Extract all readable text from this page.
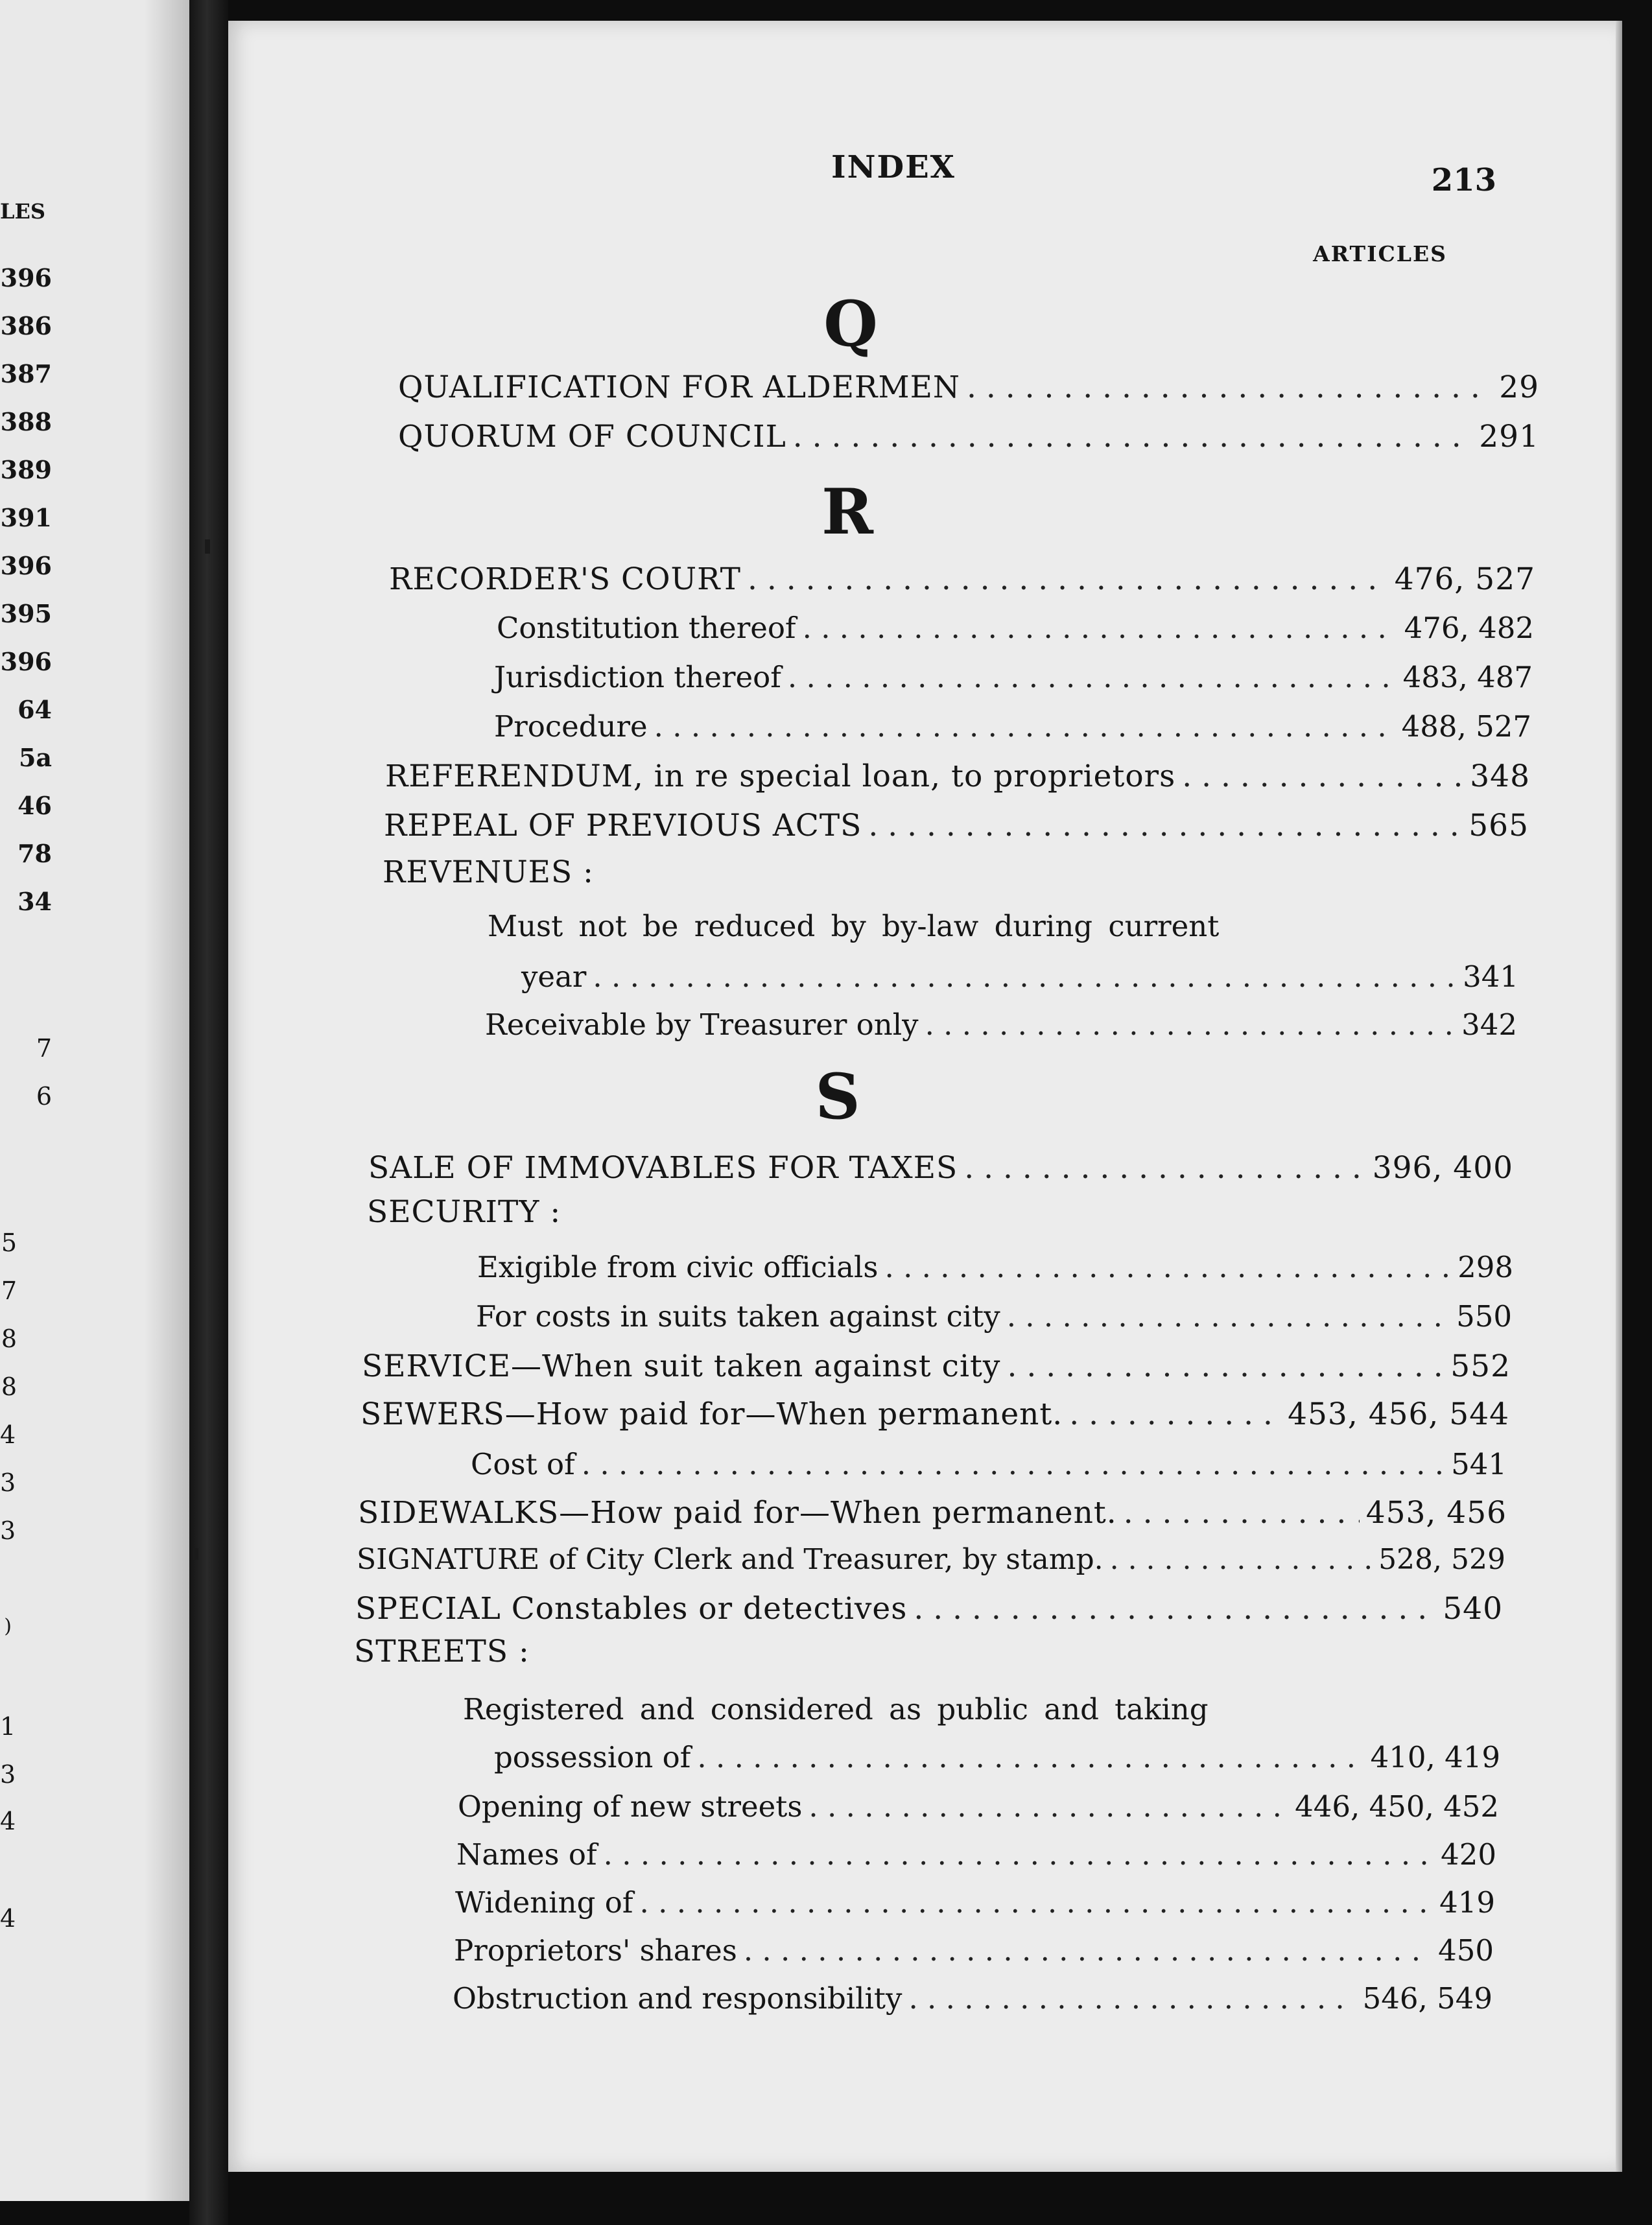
LES
396
386
387
388
389
391
396
395
396
64
5a
46
78
34
7
6
5
7
8
8
4
3
3
)
1
3
4
4
INDEX	213
ARTICLES
Q
QUALIFICATION FOR ALDERMEN . . .	29
QUORUM OF COUNCIL . . .	291
R
RECORDER'S COURT . . .	476, 527
Constitution thereof . . .	476, 482
Jurisdiction thereof . . .	483, 487
Procedure . . .	488, 527
REFERENDUM, in re special loan, to proprietors . . .	348
REPEAL OF PREVIOUS ACTS . . .	565
REVENUES :
Must not be reduced by by-law during current
year . . .	341
Receivable by Treasurer only . . .	342
S
SALE OF IMMOVABLES FOR TAXES . . .	396, 400
SECURITY :
Exigible from civic officials . . .	298
For costs in suits taken against city . . .	550
SERVICE—When suit taken against city . . .	552
SEWERS—How paid for—When permanent. . . .	453, 456, 544
Cost of . . .	541
SIDEWALKS—How paid for—When permanent. . . .	453, 456
SIGNATURE of City Clerk and Treasurer, by stamp. . . .	528, 529
SPECIAL Constables or detectives . . .	540
STREETS :
Registered and considered as public and taking
possession of . . .	410, 419
Opening of new streets . . .	446, 450, 452
Names of . . .	420
Widening of . . .	419
Proprietors' shares . . .	450
Obstruction and responsibility . . .	546, 549
